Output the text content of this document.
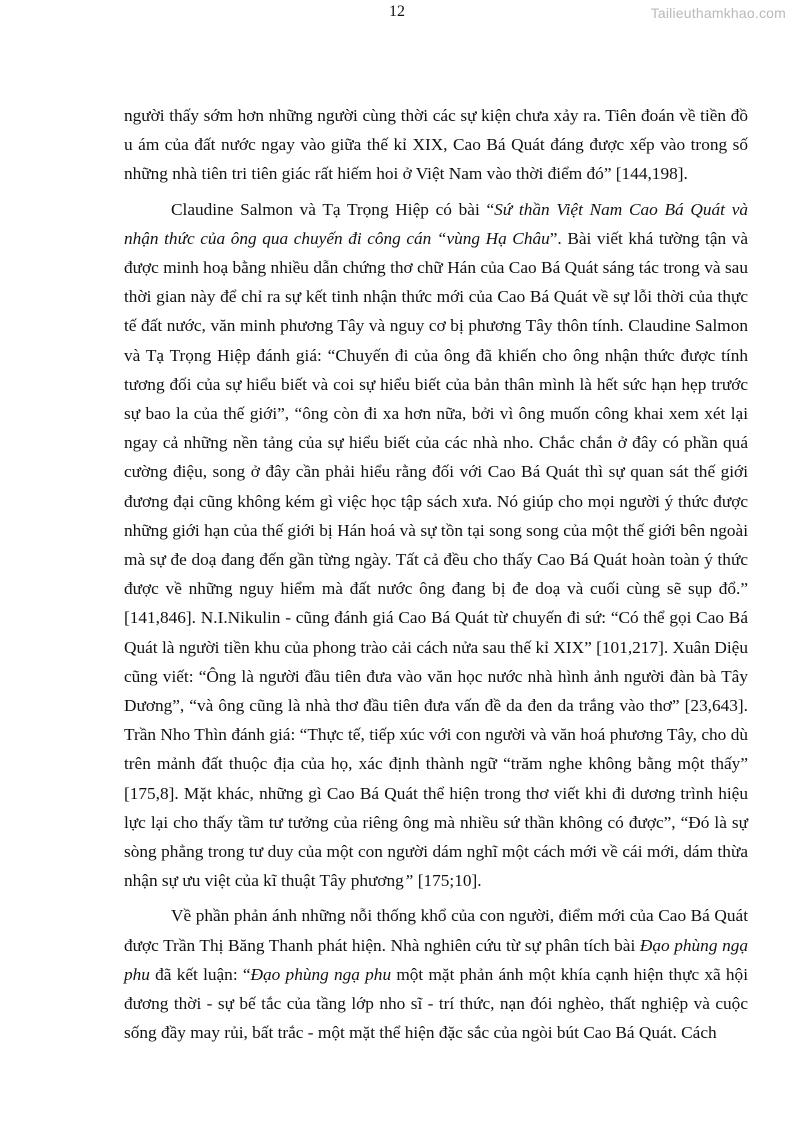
12	Tailieuthamkhao.com

người thấy sớm hơn những người cùng thời các sự kiện chưa xảy ra. Tiên đoán về tiền đồ u ám của đất nước ngay vào giữa thế kỉ XIX, Cao Bá Quát đáng được xếp vào trong số những nhà tiên tri tiên giác rất hiếm hoi ở Việt Nam vào thời điểm đó” [144,198].

Claudine Salmon và Tạ Trọng Hiệp có bài “Sứ thần Việt Nam Cao Bá Quát và nhận thức của ông qua chuyến đi công cán “vùng Hạ Châu”. Bài viết khá tường tận và được minh hoạ bằng nhiều dẫn chứng thơ chữ Hán của Cao Bá Quát sáng tác trong và sau thời gian này để chỉ ra sự kết tinh nhận thức mới của Cao Bá Quát về sự lỗi thời của thực tế đất nước, văn minh phương Tây và nguy cơ bị phương Tây thôn tính. Claudine Salmon và Tạ Trọng Hiệp đánh giá: “Chuyến đi của ông đã khiến cho ông nhận thức được tính tương đối của sự hiểu biết và coi sự hiểu biết của bản thân mình là hết sức hạn hẹp trước sự bao la của thế giới”, “ông còn đi xa hơn nữa, bởi vì ông muốn công khai xem xét lại ngay cả những nền tảng của sự hiểu biết của các nhà nho. Chắc chắn ở đây có phần quá cường điệu, song ở đây cần phải hiểu rằng đối với Cao Bá Quát thì sự quan sát thế giới đương đại cũng không kém gì việc học tập sách xưa. Nó giúp cho mọi người ý thức được những giới hạn của thế giới bị Hán hoá và sự tồn tại song song của một thế giới bên ngoài mà sự đe doạ đang đến gần từng ngày. Tất cả đều cho thấy Cao Bá Quát hoàn toàn ý thức được về những nguy hiểm mà đất nước ông đang bị đe doạ và cuối cùng sẽ sụp đổ.” [141,846]. N.I.Nikulin - cũng đánh giá Cao Bá Quát từ chuyến đi sứ: “Có thể gọi Cao Bá Quát là người tiền khu của phong trào cải cách nửa sau thế kỉ XIX” [101,217]. Xuân Diệu cũng viết: “Ông là người đầu tiên đưa vào văn học nước nhà hình ảnh người đàn bà Tây Dương”, “và ông cũng là nhà thơ đầu tiên đưa vấn đề da đen da trắng vào thơ” [23,643]. Trần Nho Thìn đánh giá: “Thực tế, tiếp xúc với con người và văn hoá phương Tây, cho dù trên mảnh đất thuộc địa của họ, xác định thành ngữ “trăm nghe không bằng một thấy” [175,8]. Mặt khác, những gì Cao Bá Quát thể hiện trong thơ viết khi đi dương trình hiệu lực lại cho thấy tầm tư tưởng của riêng ông mà nhiều sứ thần không có được”, “Đó là sự sòng phẳng trong tư duy của một con người dám nghĩ một cách mới về cái mới, dám thừa nhận sự ưu việt của kĩ thuật Tây phương” [175;10].

Về phần phản ánh những nỗi thống khổ của con người, điểm mới của Cao Bá Quát được Trần Thị Băng Thanh phát hiện. Nhà nghiên cứu từ sự phân tích bài Đạo phùng ngạ phu đã kết luận: “Đạo phùng ngạ phu một mặt phản ánh một khía cạnh hiện thực xã hội đương thời - sự bế tắc của tầng lớp nho sĩ - trí thức, nạn đói nghèo, thất nghiệp và cuộc sống đầy may rủi, bất trắc - một mặt thể hiện đặc sắc của ngòi bút Cao Bá Quát. Cách
